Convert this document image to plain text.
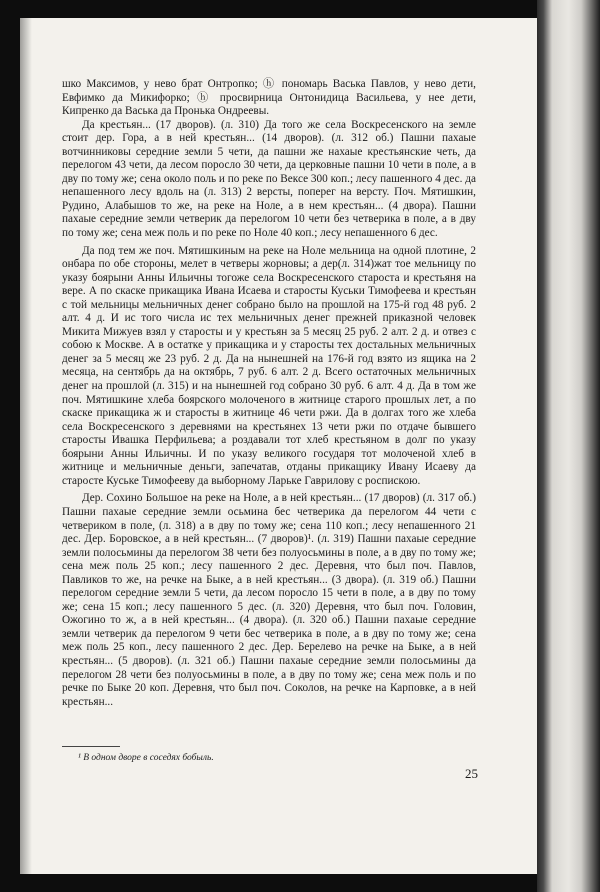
шко Максимов, у нево брат Онтропко; ⓗ пономарь Васька Павлов, у нево дети, Евфимко да Микифорко; ⓗ просвирница Онтонидица Васильева, у нее дети, Кипренко да Васька да Пронька Ондреевы.

Да крестьян... (17 дворов). (л. 310) Да того же села Воскресенского на земле стоит дер. Гора, а в ней крестьян... (14 дворов). (л. 312 об.) Пашни пахаые вотчинниковы середние земли 5 чети, да пашни же нахаые крестьянские четь, да перелогом 43 чети, да лесом поросло 30 чети, да церковные пашни 10 чети в поле, а в дву по тому же; сена около поль и по реке по Вексе 300 коп.; лесу пашенного 4 дес. да непашенного лесу вдоль на (л. 313) 2 версты, поперег на версту. Поч. Мятишкин, Рудино, Алабышов то же, на реке на Ноле, а в нем крестьян... (4 двора). Пашни пахаые середние земли четверик да перелогом 10 чети без четверика в поле, а в дву по тому же; сена меж поль и по реке по Ноле 40 коп.; лесу непашенного 6 дес.

Да под тем же поч. Мятишкиным на реке на Ноле мельница на одной плотине, 2 онбара по обе стороны, мелет в четверы жорновы; а дер(л. 314)жат тое мельницу по указу боярыни Анны Ильичны тогоже села Воскресенского староста и крестьяня на вере. А по скаске прикащика Ивана Исаева и старосты Куськи Тимофеева и крестьян с той мельницы мельничных денег собрано было на прошлой на 175-й год 48 руб. 2 алт. 4 д. И ис того числа ис тех мельничных денег прежней приказной человек Микита Мижуев взял у старосты и у крестьян за 5 месяц 25 руб. 2 алт. 2 д. и отвез с собою к Москве. А в остатке у прикащика и у старосты тех достальных мельничных денег за 5 месяц же 23 руб. 2 д. Да на нынешней на 176-й год взято из ящика на 2 месяца, на сентябрь да на октябрь, 7 руб. 6 алт. 2 д. Всего остаточных мельничных денег на прошлой (л. 315) и на нынешней год собрано 30 руб. 6 алт. 4 д. Да в том же поч. Мятишкине хлеба боярского молоченого в житнице старого прошлых лет, а по скаске прикащика ж и старосты в житнице 46 чети ржи. Да в долгах того же хлеба села Воскресенского з деревнями на крестьянех 13 чети ржи по отдаче бывшего старосты Ивашка Перфильева; а роздавали тот хлеб крестьяном в долг по указу боярыни Анны Ильичны. И по указу великого государя тот молоченой хлеб в житнице и мельничные деньги, запечатав, отданы прикащику Ивану Исаеву да старосте Куське Тимофееву да выборному Ларьке Гаврилову с роспискою.

Дер. Сохино Большое на реке на Ноле, а в ней крестьян... (17 дворов) (л. 317 об.) Пашни пахаые середние земли осьмина бес четверика да перелогом 44 чети с четвериком в поле, (л. 318) а в дву по тому же; сена 110 коп.; лесу непашенного 21 дес. Дер. Боровское, а в ней крестьян... (7 дворов)¹. (л. 319) Пашни пахаые середние земли полосьмины да перелогом 38 чети без полуосьмины в поле, а в дву по тому же; сена меж поль 25 коп.; лесу пашенного 2 дес. Деревня, что был поч. Павлов, Павликов то же, на речке на Быке, а в ней крестьян... (3 двора). (л. 319 об.) Пашни перелогом середние земли 5 чети, да лесом поросло 15 чети в поле, а в дву по тому же; сена 15 коп.; лесу пашенного 5 дес. (л. 320) Деревня, что был поч. Головин, Ожогино то ж, а в ней крестьян... (4 двора). (л. 320 об.) Пашни пахаые середние земли четверик да перелогом 9 чети бес четверика в поле, а в дву по тому же; сена меж поль 25 коп., лесу пашенного 2 дес. Дер. Берелево на речке на Быке, а в ней крестьян... (5 дворов). (л. 321 об.) Пашни пахаые середние земли полосьмины да перелогом 28 чети без полуосьмины в поле, а в дву по тому же; сена меж поль и по речке по Быке 20 коп. Деревня, что был поч. Соколов, на речке на Карповке, а в ней крестьян...

¹ В одном дворе в соседях бобыль.
25
